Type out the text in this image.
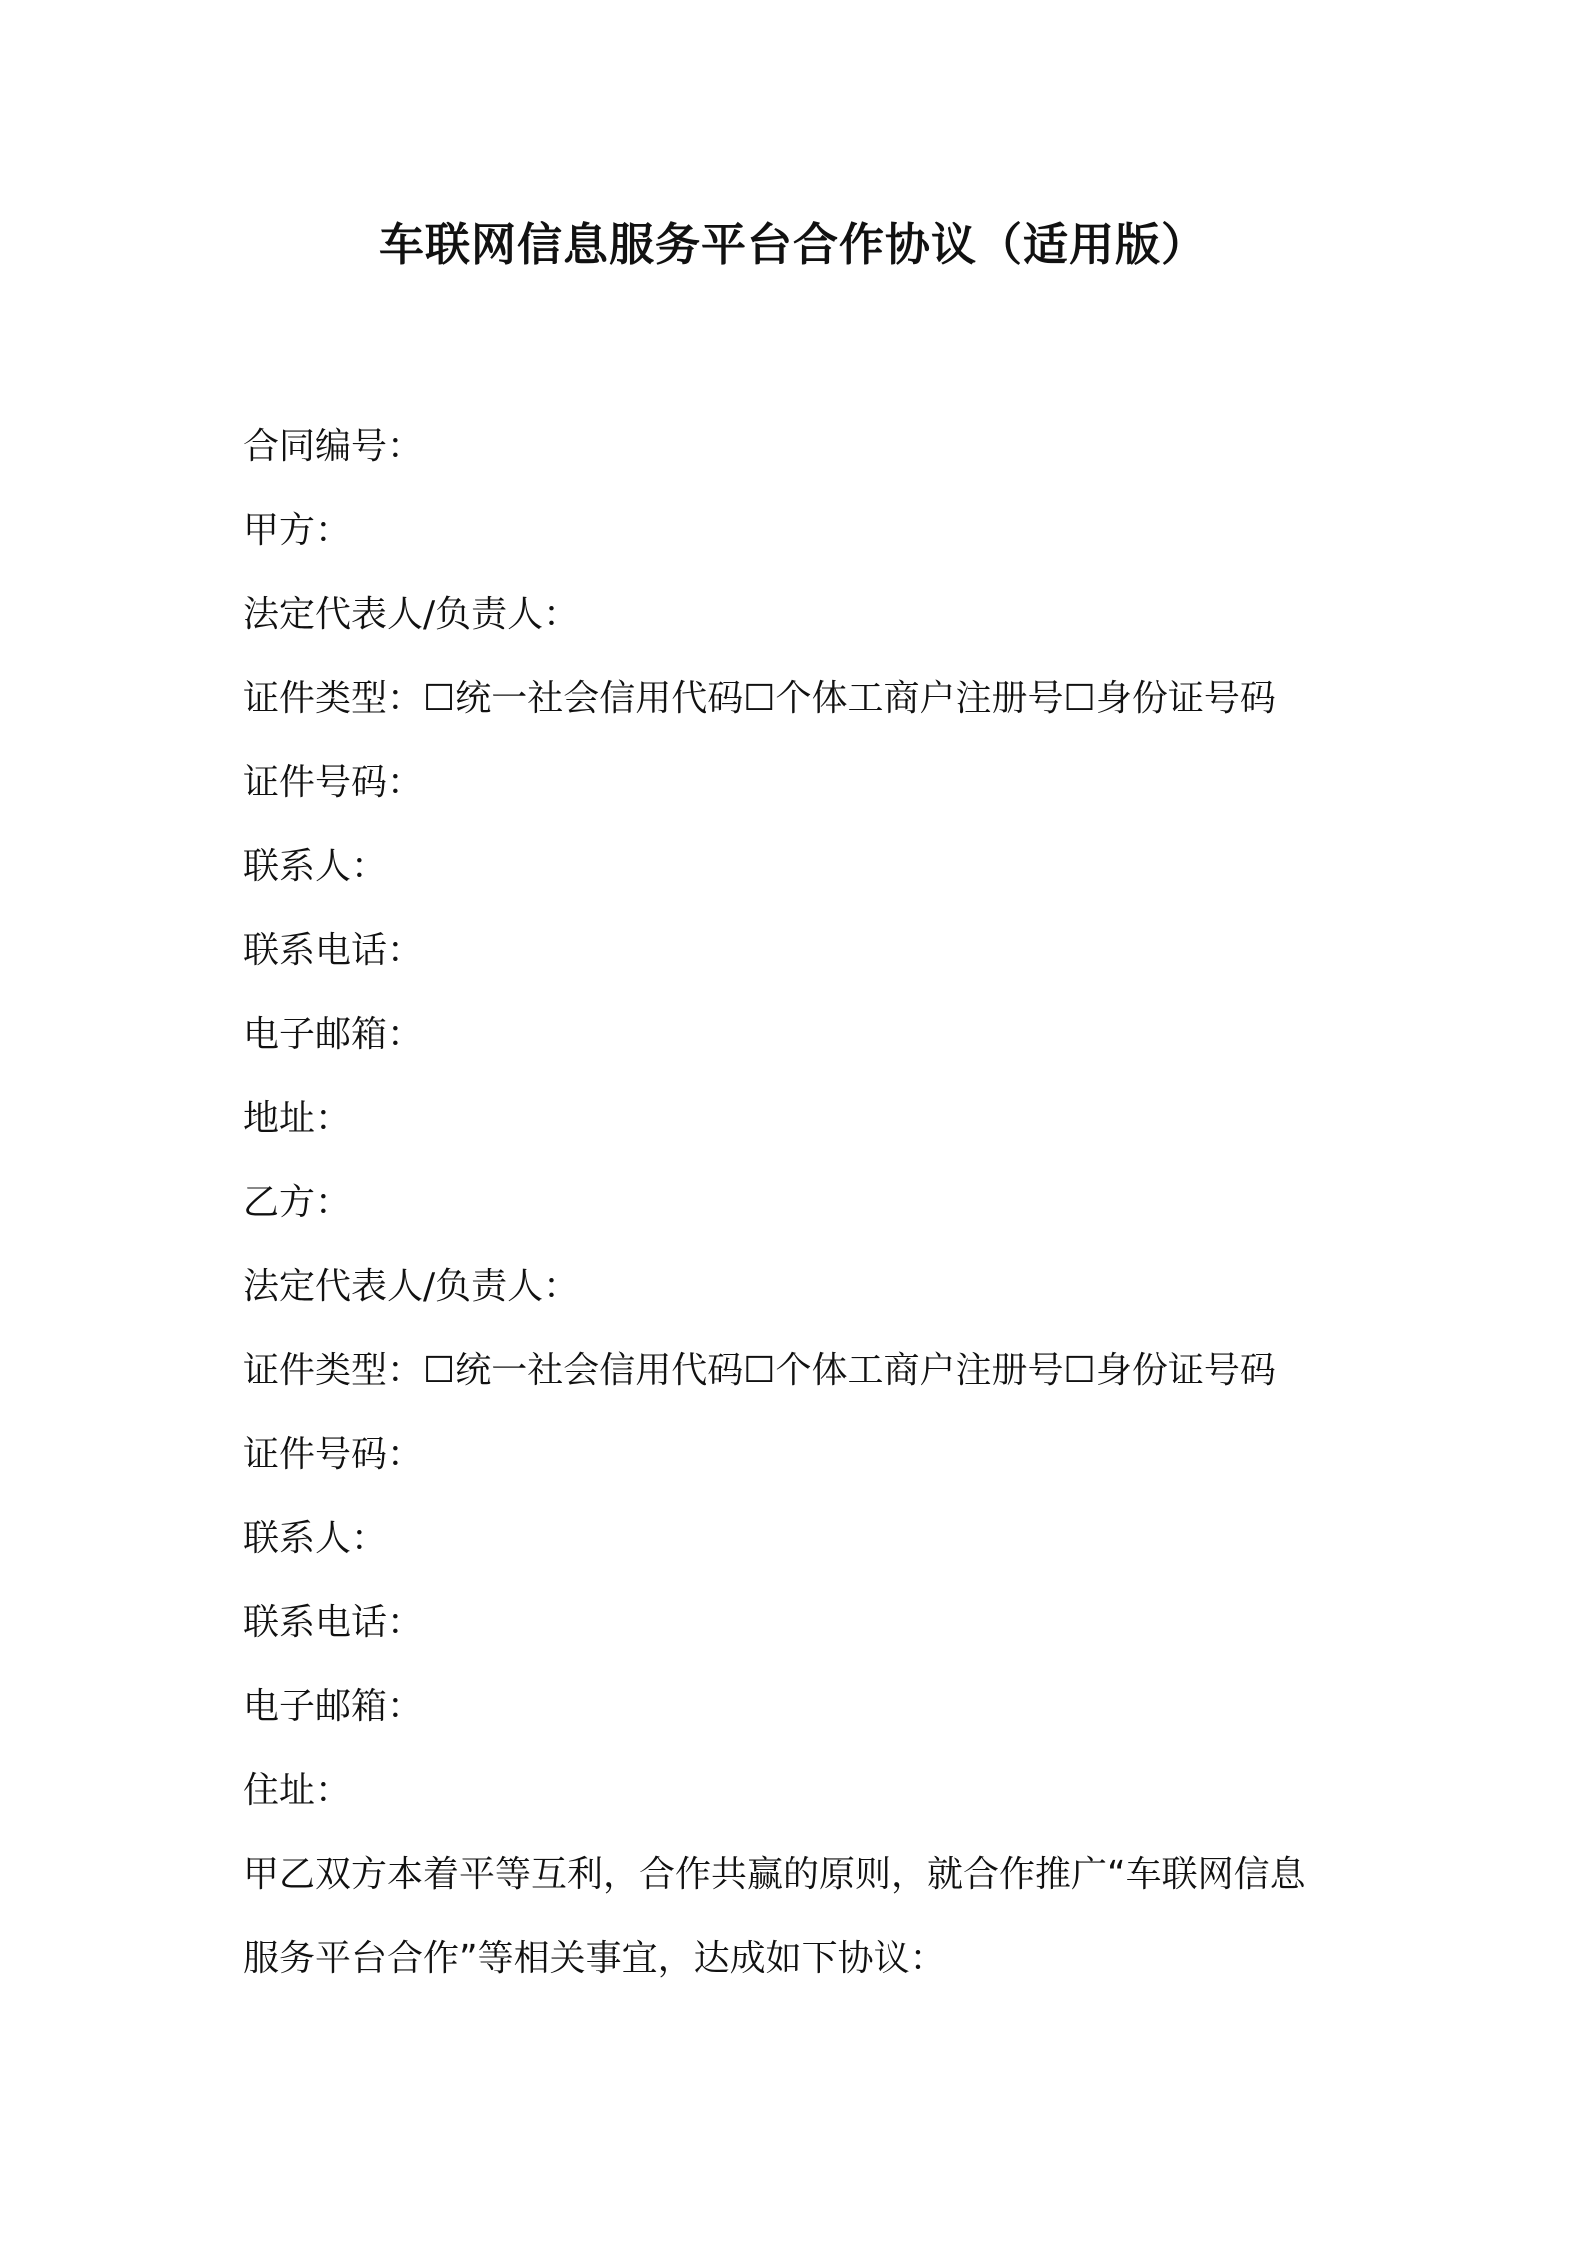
车联网信息服务平台合作协议（适用版）
合同编号：
甲方：
法定代表人/负责人：
证件类型：☐统一社会信用代码☐个体工商户注册号☐身份证号码
证件号码：
联系人：
联系电话：
电子邮箱：
地址：
乙方：
法定代表人/负责人：
证件类型：☐统一社会信用代码☐个体工商户注册号☐身份证号码
证件号码：
联系人：
联系电话：
电子邮箱：
住址：
甲乙双方本着平等互利，合作共赢的原则，就合作推广“车联网信息
服务平台合作”等相关事宜，达成如下协议：
